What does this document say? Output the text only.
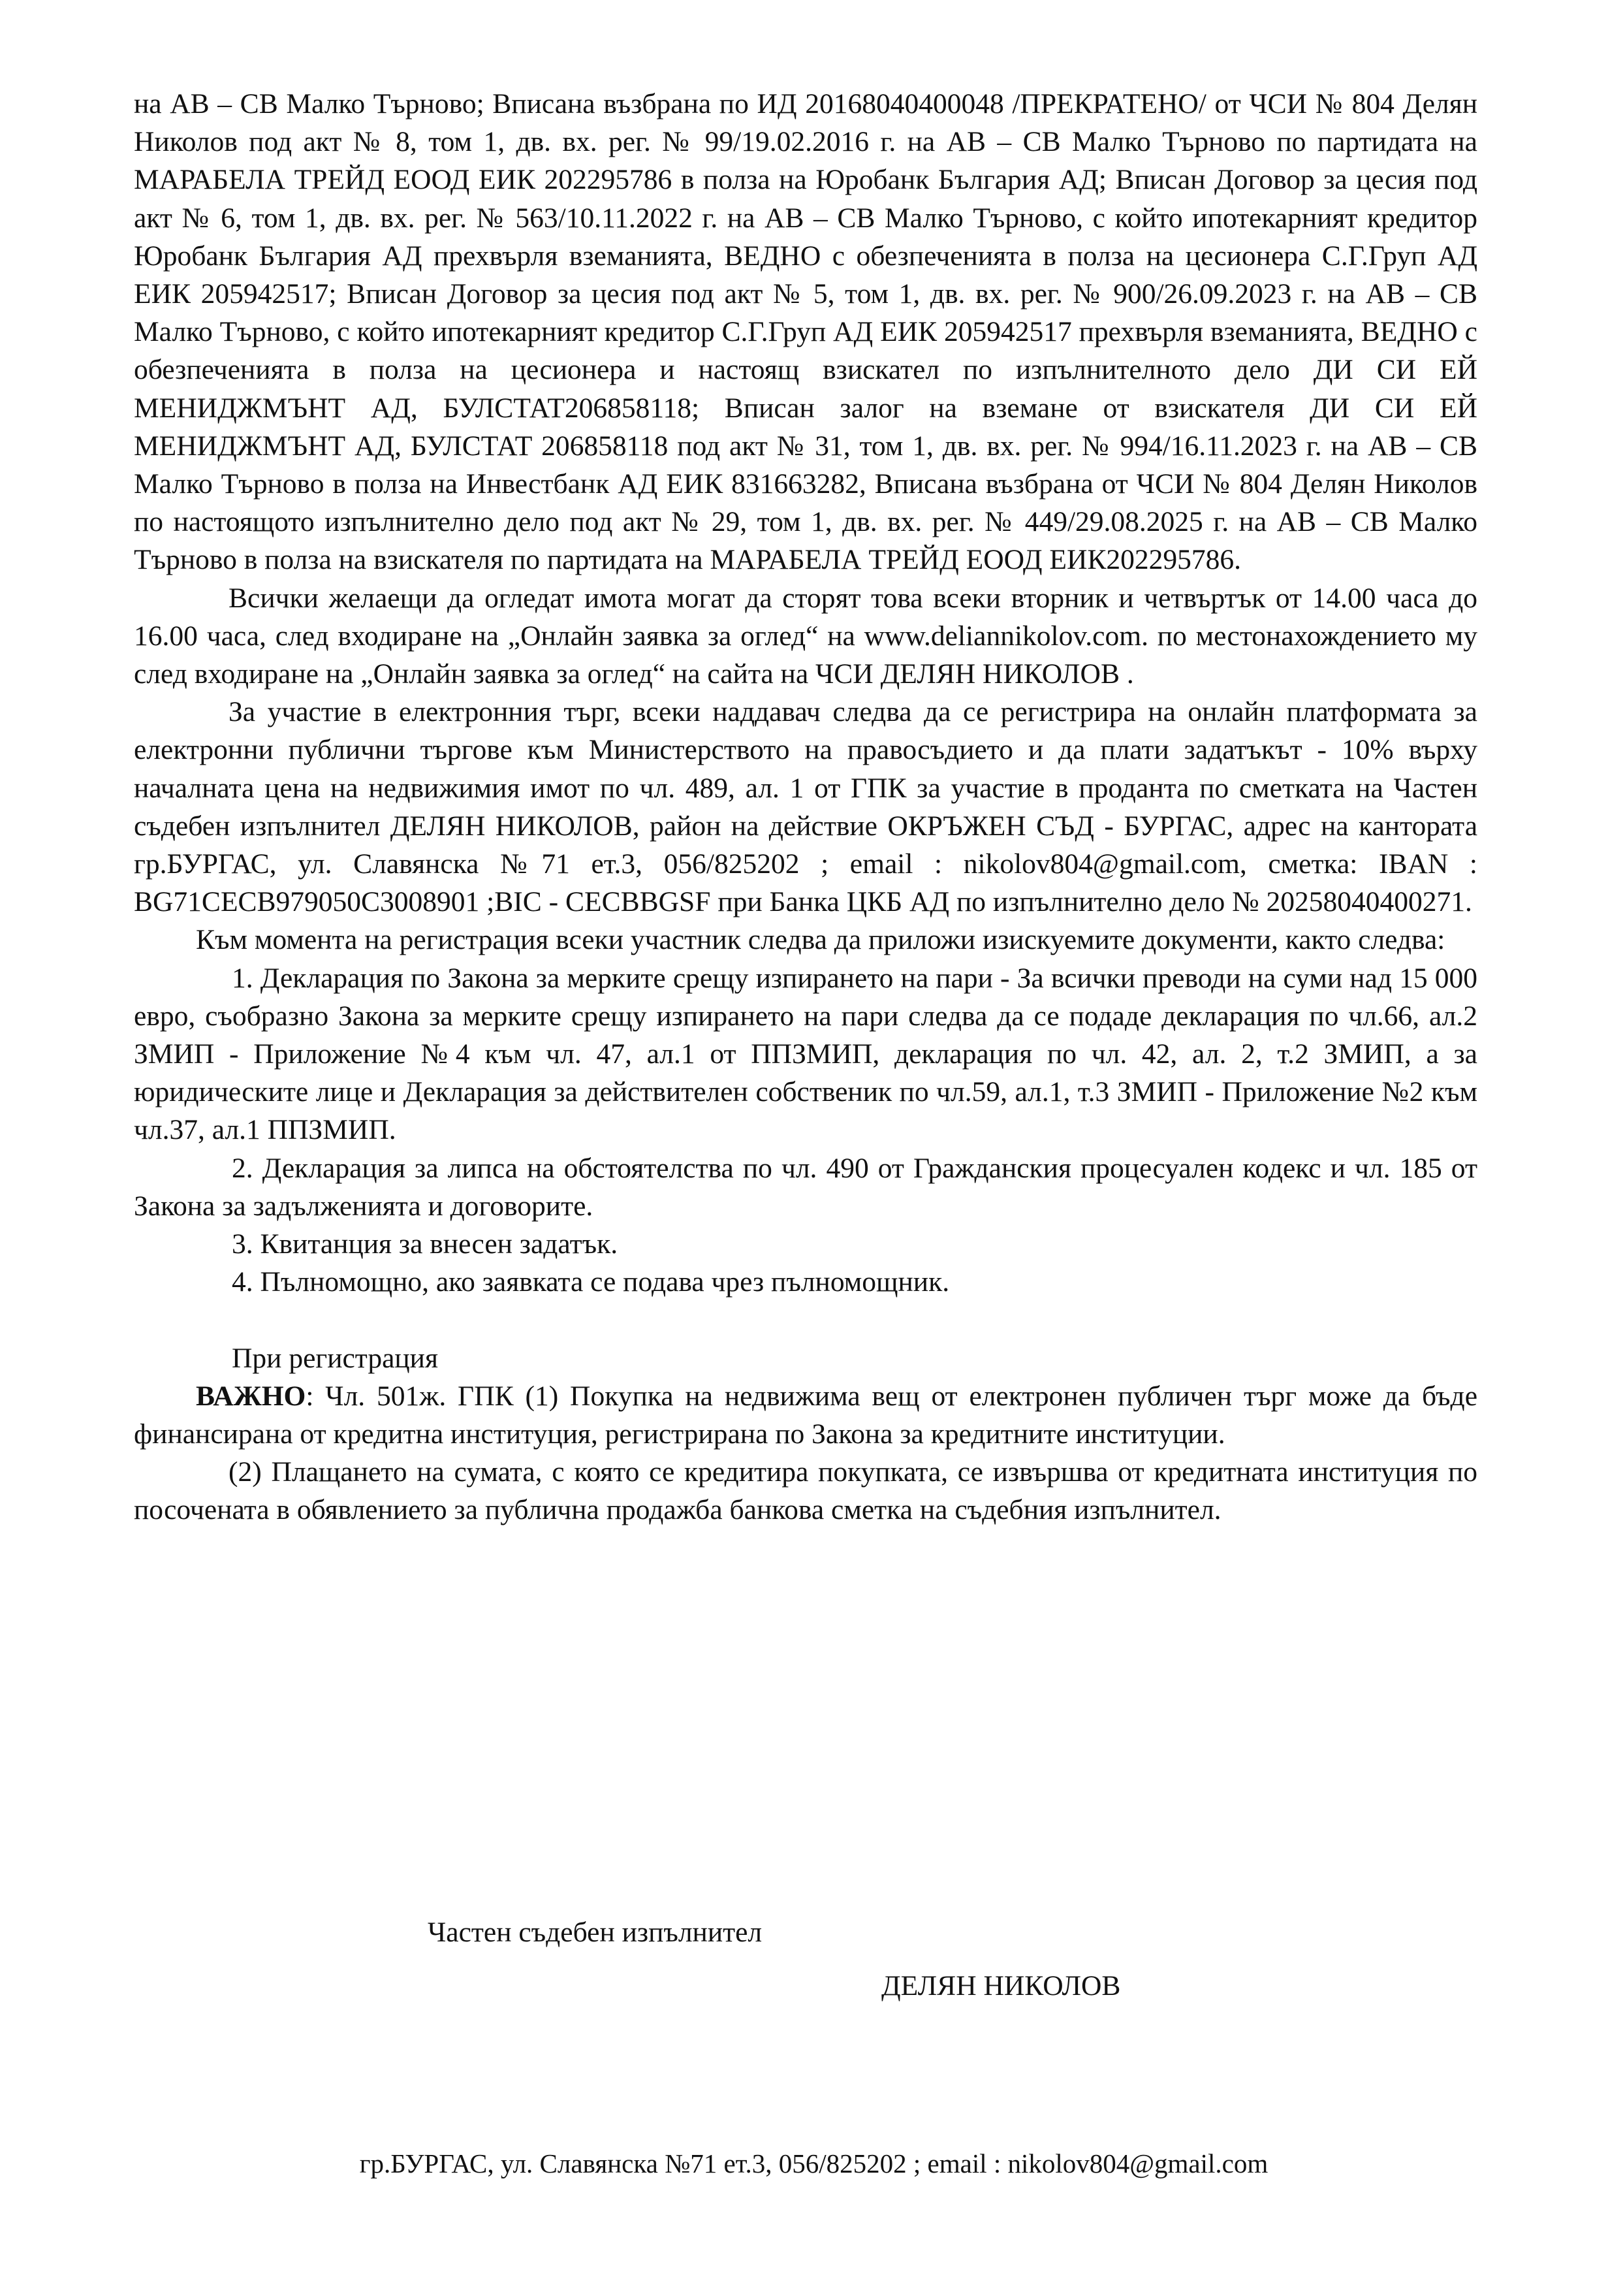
на АВ – СВ Малко Търново; Вписана възбрана по ИД 20168040400048 /ПРЕКРАТЕНО/ от ЧСИ № 804 Делян Николов под акт № 8, том 1, дв. вх. рег. № 99/19.02.2016 г. на АВ – СВ Малко Търново по партидата на МАРАБЕЛА ТРЕЙД ЕООД ЕИК 202295786 в полза на Юробанк България АД; Вписан Договор за цесия под акт № 6, том 1, дв. вх. рег. № 563/10.11.2022 г. на АВ – СВ Малко Търново, с който ипотекарният кредитор Юробанк България АД прехвърля вземанията, ВЕДНО с обезпеченията в полза на цесионера С.Г.Груп АД ЕИК 205942517; Вписан Договор за цесия под акт № 5, том 1, дв. вх. рег. № 900/26.09.2023 г. на АВ – СВ Малко Търново, с който ипотекарният кредитор С.Г.Груп АД ЕИК 205942517 прехвърля вземанията, ВЕДНО с обезпеченията в полза на цесионера и настоящ взискател по изпълнителното дело ДИ СИ ЕЙ МЕНИДЖМЪНТ АД, БУЛСТАТ206858118; Вписан залог на вземане от взискателя ДИ СИ ЕЙ МЕНИДЖМЪНТ АД, БУЛСТАТ 206858118 под акт № 31, том 1, дв. вх. рег. № 994/16.11.2023 г. на АВ – СВ Малко Търново в полза на Инвестбанк АД ЕИК 831663282, Вписана възбрана от ЧСИ № 804 Делян Николов по настоящото изпълнително дело под акт № 29, том 1, дв. вх. рег. № 449/29.08.2025 г. на АВ – СВ Малко Търново в полза на взискателя по партидата на МАРАБЕЛА ТРЕЙД ЕООД ЕИК202295786.

Всички желаещи да огледат имота могат да сторят това всеки вторник и четвъртък от 14.00 часа до 16.00 часа, след входиране на „Онлайн заявка за оглед“ на www.deliannikolov.com. по местонахождението му след входиране на „Онлайн заявка за оглед“ на сайта на ЧСИ ДЕЛЯН НИКОЛОВ .

За участие в електронния търг, всеки наддавач следва да се регистрира на онлайн платформата за електронни публични търгове към Министерството на правосъдието и да плати задатъкът - 10% върху началната цена на недвижимия имот по чл. 489, ал. 1 от ГПК за участие в проданта по сметката на Частен съдебен изпълнител ДЕЛЯН НИКОЛОВ, район на действие ОКРЪЖЕН СЪД - БУРГАС, адрес на кантората гр.БУРГАС, ул. Славянска №71 ет.3, 056/825202 ; email : nikolov804@gmail.com, сметка: IBAN : BG71CECB979050C3008901 ;BIC - CECBBGSF при Банка ЦКБ АД по изпълнително дело № 20258040400271.

Към момента на регистрация всеки участник следва да приложи изискуемите документи, както следва:

1. Декларация по Закона за мерките срещу изпирането на пари - За всички преводи на суми над 15 000 евро, съобразно Закона за мерките срещу изпирането на пари следва да се подаде декларация по чл.66, ал.2 ЗМИП - Приложение №4 към чл. 47, ал.1 от ППЗМИП, декларация по чл. 42, ал. 2, т.2 ЗМИП, а за юридическите лице и Декларация за действителен собственик по чл.59, ал.1, т.3 ЗМИП - Приложение №2 към чл.37, ал.1 ППЗМИП.

2. Декларация за липса на обстоятелства по чл. 490 от Гражданския процесуален кодекс и чл. 185 от Закона за задълженията и договорите.

3. Квитанция за внесен задатък.

4. Пълномощно, ако заявката се подава чрез пълномощник.

При регистрация

ВАЖНО: Чл. 501ж. ГПК (1) Покупка на недвижима вещ от електронен публичен търг може да бъде финансирана от кредитна институция, регистрирана по Закона за кредитните институции.

(2) Плащането на сумата, с която се кредитира покупката, се извършва от кредитната институция по посочената в обявлението за публична продажба банкова сметка на съдебния изпълнител.

Частен съдебен изпълнител
ДЕЛЯН НИКОЛОВ
гр.БУРГАС, ул. Славянска №71 ет.3, 056/825202 ; email : nikolov804@gmail.com
